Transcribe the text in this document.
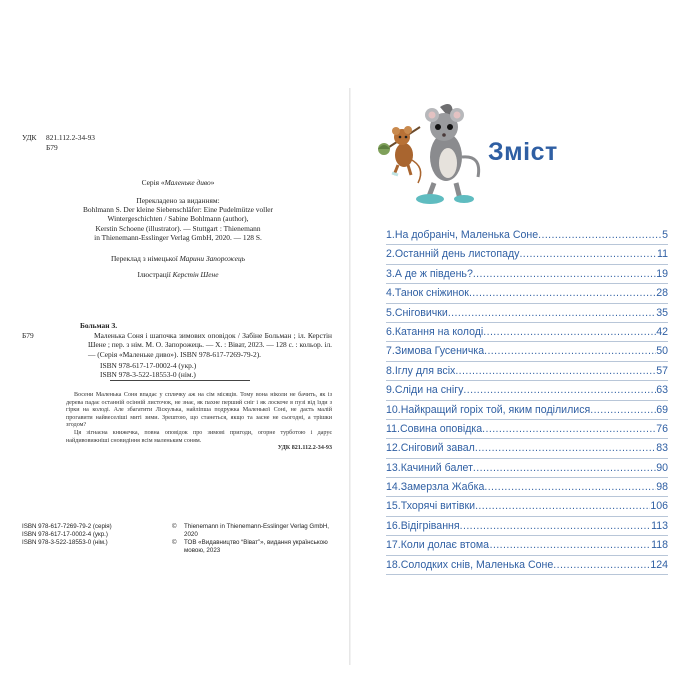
УДК 821.112.2-34-93
Б79
Серія «Маленьке диво»
Перекладено за виданням:
Bohlmann S. Der kleine Siebenschläfer: Eine Pudelmütze voller
Wintergeschichten / Sabine Bohlmann (author),
Kerstin Schoene (illustrator). — Stuttgart : Thienemann
in Thienemann-Esslinger Verlag GmbH, 2020. — 128 S.
Переклад з німецької Марини Запорожець
Ілюстрації Керстін Шене
Больман З.
Б79	Маленька Соня і шапочка зимових оповідок / Забіне Больман ; іл. Керстін Шене ; пер. з нім. М. О. Запорожець. — Х. : Віват, 2023. — 128 с. : кольор. іл. — (Серія «Маленьке диво»). ISBN 978-617-7269-79-2).
ISBN 978-617-17-0002-4 (укр.)
ISBN 978-3-522-18553-0 (нім.)

Восени Маленька Соня впадає у сплячку аж на сім місяців. Тому вона ніколи не бачить, як із дерева падає останній осінній листочок, не знає, як пахне перший сніг і як лоскоче в пузі від їзди з гірки на колоді. Але збагатити Ліскулька, найліпша подружка Маленької Соні, не дасть малій прогавити найвеселіші миті зими. Зрештою, що станеться, якщо та засне не сьогодні, а трішки згодом?

Ця зігнаєна книжечка, повна оповідок про зимові пригоди, огорне турботою і дарує найдивовижніші сновидіння всім маленьким соням.

УДК 821.112.2-34-93
ISBN 978-617-7269-79-2 (серія)
ISBN 978-617-17-0002-4 (укр.)
ISBN 978-3-522-18553-0 (нім.)
©	Thienemann in Thienemann-Esslinger Verlag GmbH, 2020
©	ТОВ «Видавництво “Віват”», видання українською мовою, 2023
Зміст
1. На добраніч, Маленька Соне .....	5
2. Останній день листопаду .....	11
3. А де ж південь? .....	19
4. Танок сніжинок .....	28
5. Сніговички .....	35
6. Катання на колоді .....	42
7. Зимова Гусеничка .....	50
8. Іглу для всіх .....	57
9. Сліди на снігу .....	63
10. Найкращий горіх той, яким поділилися .....	69
11. Совина оповідка .....	76
12. Сніговий завал .....	83
13. Качиний балет .....	90
14. Замерзла Жабка .....	98
15. Тхорячі витівки .....	106
16. Відігрівання .....	113
17. Коли долає втома… .....	118
18. Солодких снів, Маленька Соне .....	124
